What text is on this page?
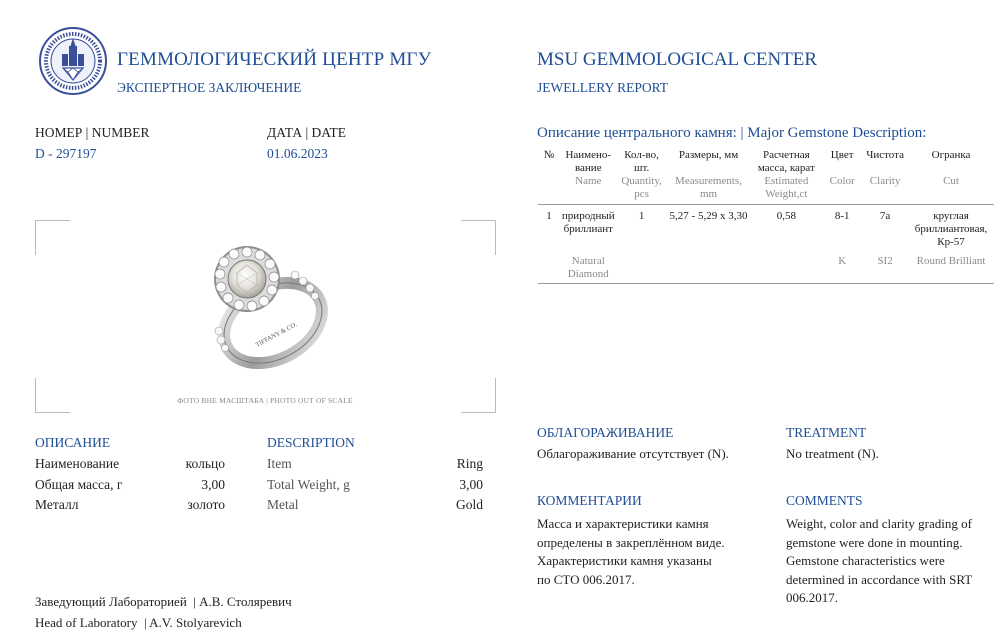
ГЕММОЛОГИЧЕСКИЙ ЦЕНТР МГУ
ЭКСПЕРТНОЕ ЗАКЛЮЧЕНИЕ
MSU GEMMOLOGICAL CENTER
JEWELLERY REPORT
НОМЕР | NUMBER
D - 297197
ДАТА | DATE
01.06.2023
TIFFANY & CO.
ФОТО ВНЕ МАСШТАБА | PHOTO OUT OF SCALE
ОПИСАНИЕ
Наименование	кольцо
Общая масса, г	3,00
Металл	золото
DESCRIPTION
Item	Ring
Total Weight, g	3,00
Metal	Gold
Описание центрального камня: | Major Gemstone Description:
№	Наимено-вание	Кол-во, шт.	Размеры, мм	Расчетная масса, карат	Цвет	Чистота	Огранка
	Name	Quantity, pcs	Measurements, mm	Estimated Weight,ct	Color	Clarity	Cut
1	природный бриллиант	1	5,27 - 5,29 x 3,30	0,58	8-1	7a	круглая бриллиантовая, Кр-57
	Natural Diamond				K	SI2	Round Brilliant
ОБЛАГОРАЖИВАНИЕ
Облагораживание отсутствует (N).
TREATMENT
No treatment (N).
КОММЕНТАРИИ
Масса и характеристики камня
определены в закреплённом виде.
Характеристики камня указаны
по СТО 006.2017.
COMMENTS
Weight, color and clarity grading of
gemstone were done in mounting.
Gemstone characteristics were
determined in accordance with SRT
006.2017.
Заведующий Лабораторией  | А.В. Столяревич
Head of Laboratory  | A.V. Stolyarevich
